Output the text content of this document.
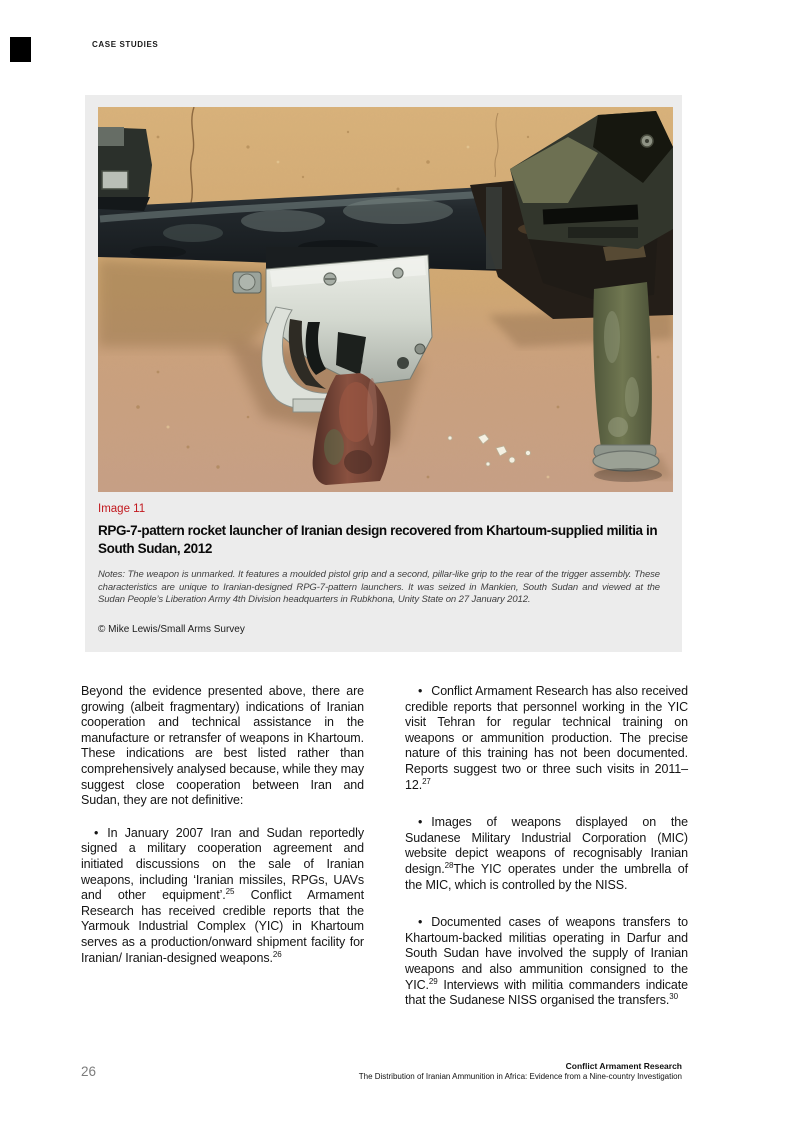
CASE STUDIES

Image 11

RPG-7-pattern rocket launcher of Iranian design recovered from Khartoum-supplied militia in South Sudan, 2012

Notes: The weapon is unmarked. It features a moulded pistol grip and a second, pillar-like grip to the rear of the trigger assembly. These characteristics are unique to Iranian-designed RPG-7-pattern launchers. It was seized in Mankien, South Sudan and viewed at the Sudan People’s Liberation Army 4th Division headquarters in Rubkhona, Unity State on 27 January 2012.

© Mike Lewis/Small Arms Survey

Beyond the evidence presented above, there are growing (albeit fragmentary) indications of Iranian cooperation and technical assistance in the manufacture or retransfer of weapons in Khartoum. These indications are best listed rather than comprehensively analysed because, while they may suggest close cooperation between Iran and Sudan, they are not definitive:

• In January 2007 Iran and Sudan reportedly signed a military cooperation agreement and initiated discussions on the sale of Iranian weapons, including ‘Iranian missiles, RPGs, UAVs and other equipment’.$^{25}$ Conflict Armament Research has received credible reports that the Yarmouk Industrial Complex (YIC) in Khartoum serves as a production/onward shipment facility for Iranian/ Iranian-designed weapons.$^{26}$

• Conflict Armament Research has also received credible reports that personnel working in the YIC visit Tehran for regular technical training on weapons or ammunition production. The precise nature of this training has not been documented. Reports suggest two or three such visits in 2011–12.27

• Images of weapons displayed on the Sudanese Military Industrial Corporation (MIC) website depict weapons of recognisably Iranian design.$^{28}$The YIC operates under the umbrella of the MIC, which is controlled by the NISS.

• Documented cases of weapons transfers to Khartoum-backed militias operating in Darfur and South Sudan have involved the supply of Iranian weapons and also ammunition consigned to the YIC.$^{29}$ Interviews with militia commanders indicate that the Sudanese NISS organised the transfers.$^{30}$

26	Conflict Armament Research
The Distribution of Iranian Ammunition in Africa: Evidence from a Nine-country Investigation
